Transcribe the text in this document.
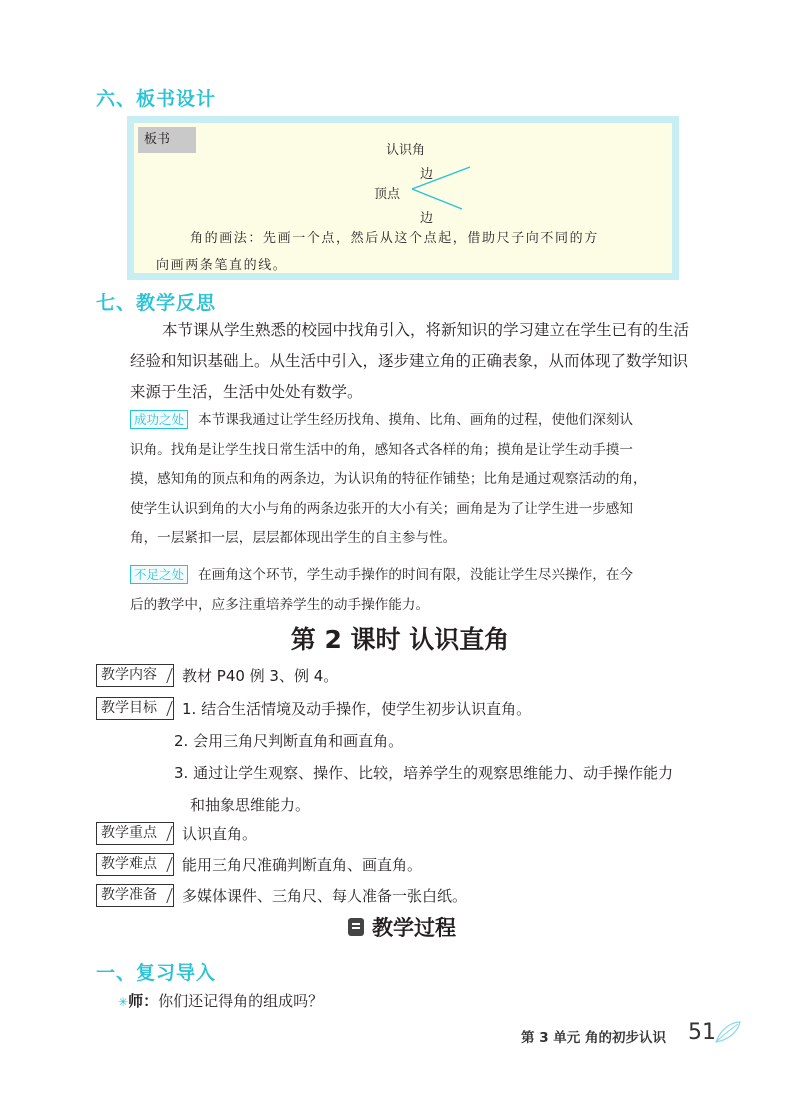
六、板书设计
板书
认识角
边
顶点
边
角的画法：先画一个点，然后从这个点起，借助尺子向不同的方
向画两条笔直的线。
七、教学反思
本节课从学生熟悉的校园中找角引入，将新知识的学习建立在学生已有的生活
经验和知识基础上。从生活中引入，逐步建立角的正确表象，从而体现了数学知识
来源于生活，生活中处处有数学。
成功之处 本节课我通过让学生经历找角、摸角、比角、画角的过程，使他们深刻认
识角。找角是让学生找日常生活中的角，感知各式各样的角；摸角是让学生动手摸一
摸，感知角的顶点和角的两条边，为认识角的特征作铺垫；比角是通过观察活动的角，
使学生认识到角的大小与角的两条边张开的大小有关；画角是为了让学生进一步感知
角，一层紧扣一层，层层都体现出学生的自主参与性。
不足之处 在画角这个环节，学生动手操作的时间有限，没能让学生尽兴操作，在今
后的教学中，应多注重培养学生的动手操作能力。
第 2 课时 认识直角
教学内容 教材 P40 例 3、例 4。
教学目标 1. 结合生活情境及动手操作，使学生初步认识直角。
2. 会用三角尺判断直角和画直角。
3. 通过让学生观察、操作、比较，培养学生的观察思维能力、动手操作能力
和抽象思维能力。
教学重点 认识直角。
教学难点 能用三角尺准确判断直角、画直角。
教学准备 多媒体课件、三角尺、每人准备一张白纸。
教学过程
一、复习导入
✳师：你们还记得角的组成吗？
第 3 单元 角的初步认识 51
